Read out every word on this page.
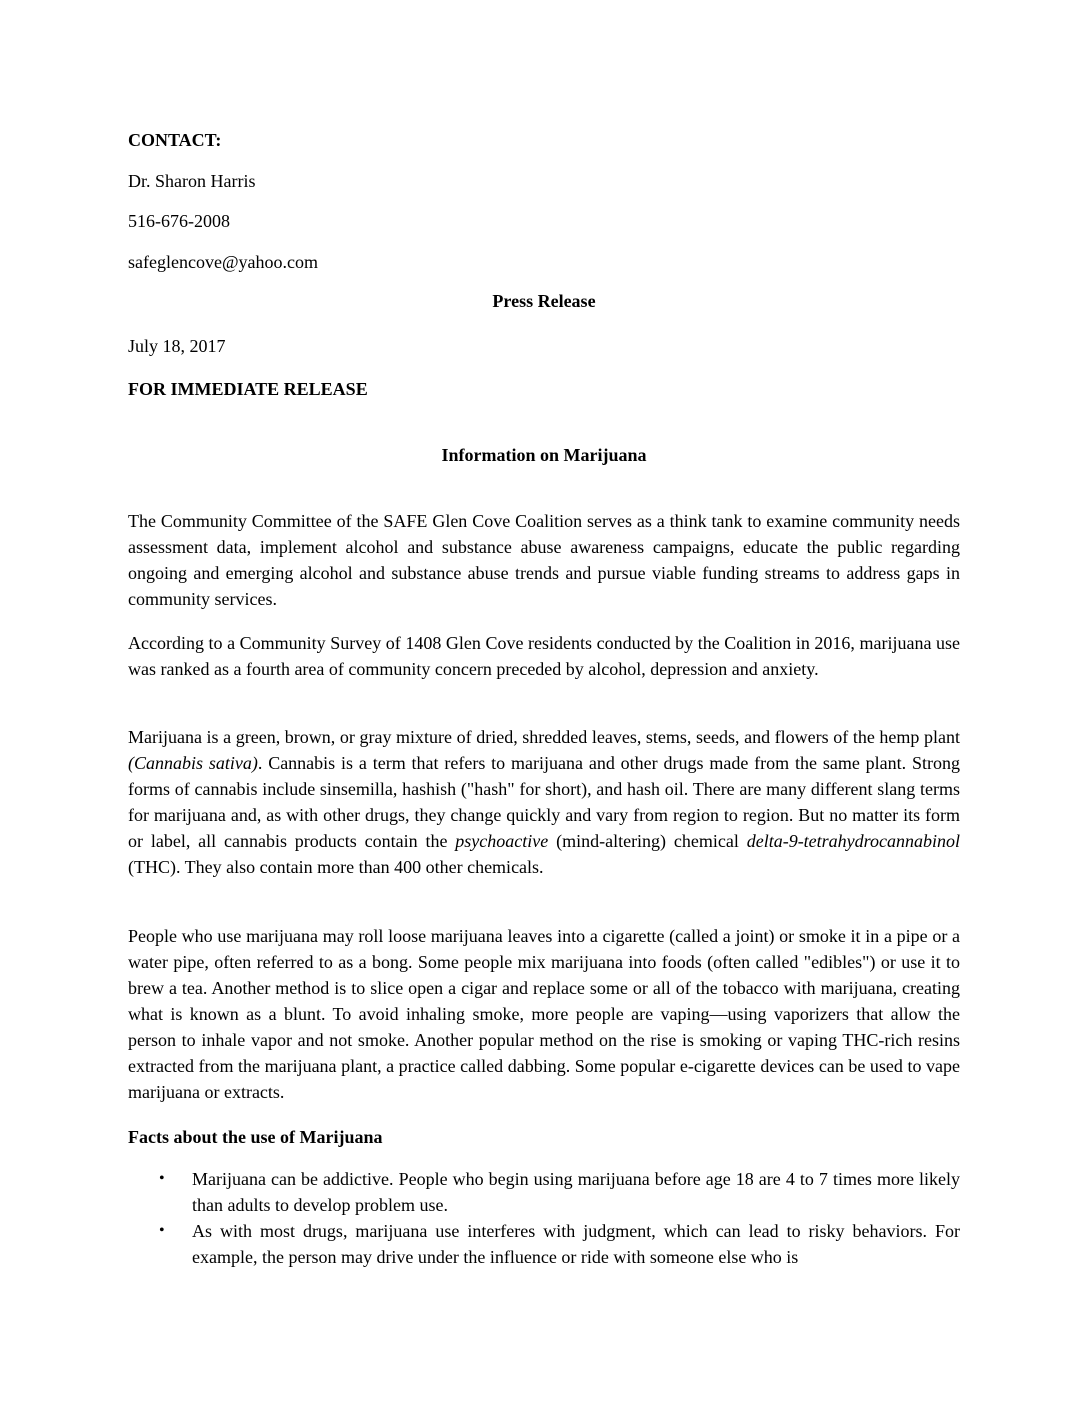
CONTACT:

Dr. Sharon Harris

516-676-2008

safeglencove@yahoo.com

Press Release

July 18, 2017

FOR IMMEDIATE RELEASE

Information on Marijuana

The Community Committee of the SAFE Glen Cove Coalition serves as a think tank to examine community needs assessment data, implement alcohol and substance abuse awareness campaigns, educate the public regarding ongoing and emerging alcohol and substance abuse trends and pursue viable funding streams to address gaps in community services.

According to a Community Survey of 1408 Glen Cove residents conducted by the Coalition in 2016, marijuana use was ranked as a fourth area of community concern preceded by alcohol, depression and anxiety.

Marijuana is a green, brown, or gray mixture of dried, shredded leaves, stems, seeds, and flowers of the hemp plant (Cannabis sativa). Cannabis is a term that refers to marijuana and other drugs made from the same plant. Strong forms of cannabis include sinsemilla, hashish ("hash" for short), and hash oil. There are many different slang terms for marijuana and, as with other drugs, they change quickly and vary from region to region. But no matter its form or label, all cannabis products contain the psychoactive (mind-altering) chemical delta-9-tetrahydrocannabinol (THC). They also contain more than 400 other chemicals.

People who use marijuana may roll loose marijuana leaves into a cigarette (called a joint) or smoke it in a pipe or a water pipe, often referred to as a bong. Some people mix marijuana into foods (often called "edibles") or use it to brew a tea. Another method is to slice open a cigar and replace some or all of the tobacco with marijuana, creating what is known as a blunt. To avoid inhaling smoke, more people are vaping—using vaporizers that allow the person to inhale vapor and not smoke. Another popular method on the rise is smoking or vaping THC-rich resins extracted from the marijuana plant, a practice called dabbing. Some popular e-cigarette devices can be used to vape marijuana or extracts.

Facts about the use of Marijuana

• Marijuana can be addictive. People who begin using marijuana before age 18 are 4 to 7 times more likely than adults to develop problem use.
• As with most drugs, marijuana use interferes with judgment, which can lead to risky behaviors. For example, the person may drive under the influence or ride with someone else who is
